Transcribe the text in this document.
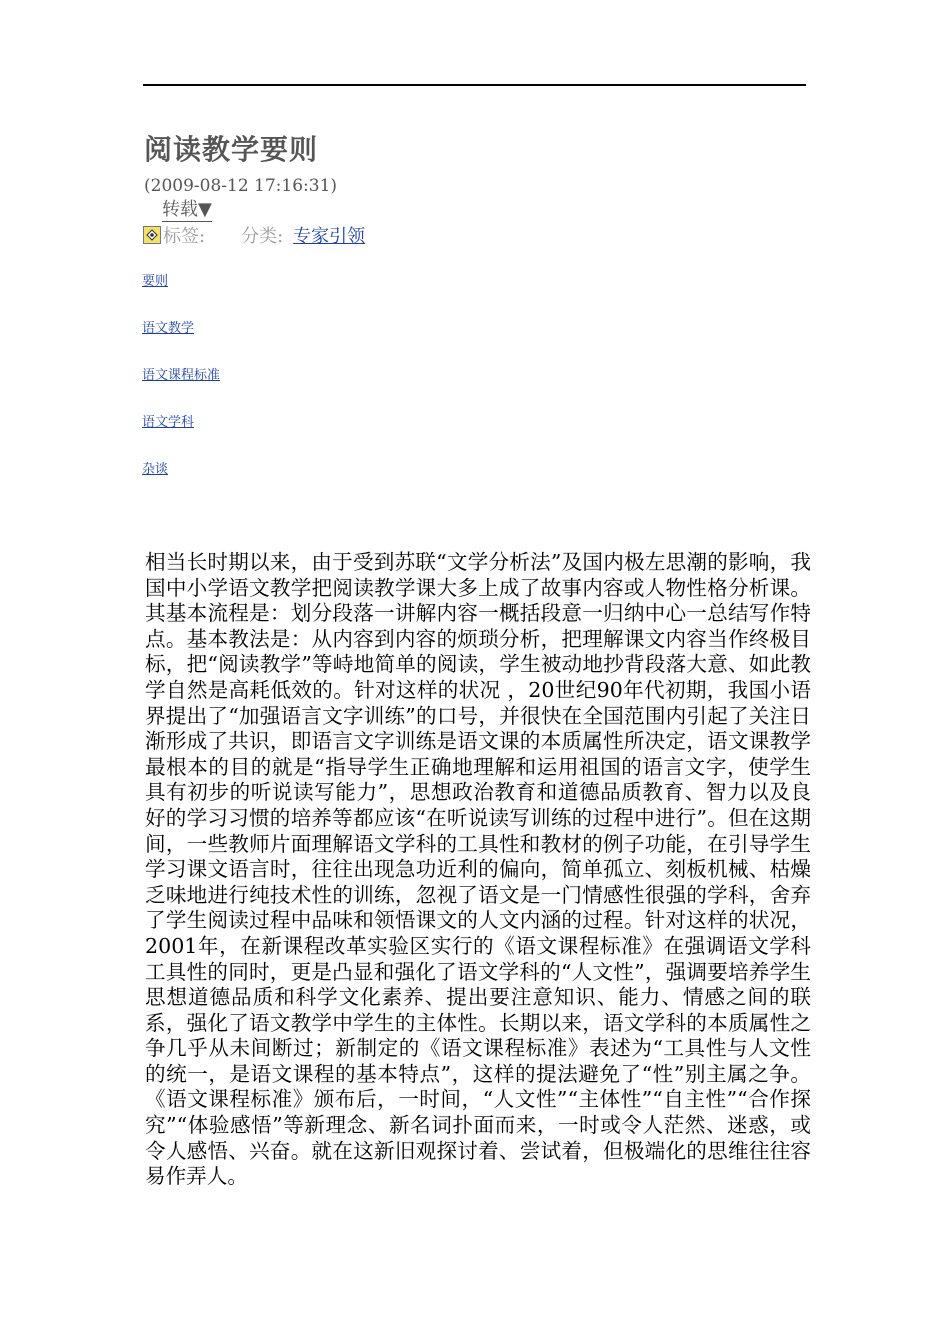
阅读教学要则
(2009-08-12 17:16:31)
转载▼
标签: 分类: 专家引领
要则
语文教学
语文课程标准
语文学科
杂谈

相当长时期以来，由于受到苏联“文学分析法”及国内极左思潮的影响，我国中小学语文教学把阅读教学课大多上成了故事内容或人物性格分析课。其基本流程是：划分段落一讲解内容一概括段意一归纳中心一总结写作特点。基本教法是：从内容到内容的烦琐分析，把理解课文内容当作终极目标，把“阅读教学”等峙地简单的阅读，学生被动地抄背段落大意、如此教学自然是高耗低效的。针对这样的状况 ，20世纪90年代初期，我国小语界提出了“加强语言文字训练”的口号，并很快在全国范围内引起了关注日渐形成了共识，即语言文字训练是语文课的本质属性所决定，语文课教学最根本的目的就是“指导学生正确地理解和运用祖国的语言文字，使学生具有初步的听说读写能力”，思想政治教育和道德品质教育、智力以及良好的学习习惯的培养等都应该“在听说读写训练的过程中进行”。但在这期间，一些教师片面理解语文学科的工具性和教材的例子功能，在引导学生学习课文语言时，往往出现急功近利的偏向，简单孤立、刻板机械、枯燥乏味地进行纯技术性的训练，忽视了语文是一门情感性很强的学科，舍弃了学生阅读过程中品味和领悟课文的人文内涵的过程。针对这样的状况，2001年，在新课程改革实验区实行的《语文课程标准》在强调语文学科工具性的同时，更是凸显和强化了语文学科的“人文性”，强调要培养学生思想道德品质和科学文化素养、提出要注意知识、能力、情感之间的联系，强化了语文教学中学生的主体性。长期以来，语文学科的本质属性之争几乎从未间断过；新制定的《语文课程标准》表述为“工具性与人文性的统一，是语文课程的基本特点”，这样的提法避免了“性”别主属之争。《语文课程标准》颁布后，一时间，“人文性”“主体性”“自主性”“合作探究”“体验感悟”等新理念、新名词扑面而来，一时或令人茫然、迷惑，或令人感悟、兴奋。就在这新旧观探讨着、尝试着，但极端化的思维往往容易作弄人。
